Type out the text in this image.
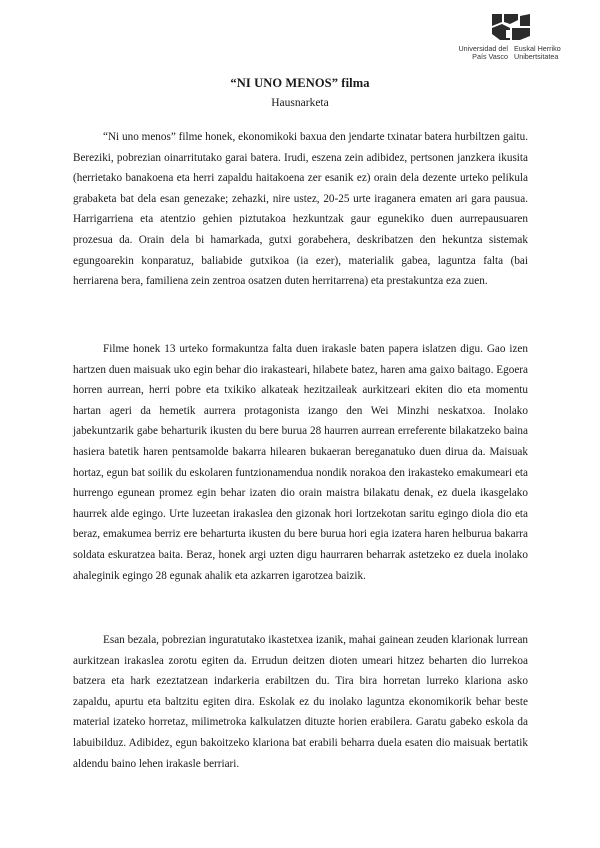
Universidad del País Vasco
Euskal Herriko Unibertsitatea
“NI UNO MENOS” filma
Hausnarketa

“Ni uno menos” filme honek, ekonomikoki baxua den jendarte txinatar batera hurbiltzen gaitu. Bereziki, pobrezian oinarritutako garai batera. Irudi, eszena zein adibidez, pertsonen janzkera ikusita (herrietako banakoena eta herri zapaldu haitakoena zer esanik ez) orain dela dezente urteko pelikula grabaketa bat dela esan genezake; zehazki, nire ustez, 20-25 urte iraganera ematen ari gara pausua. Harrigarriena eta atentzio gehien piztutakoa hezkuntzak gaur egunekiko duen aurrepausuaren prozesua da. Orain dela bi hamarkada, gutxi gorabehera, deskribatzen den hekuntza sistemak egungoarekin konparatuz, baliabide gutxikoa (ia ezer), materialik gabea, laguntza falta (bai herriarena bera, familiena zein zentroa osatzen duten herritarrena) eta prestakuntza eza zuen.

Filme honek 13 urteko formakuntza falta duen irakasle baten papera islatzen digu. Gao izen hartzen duen maisuak uko egin behar dio irakasteari, hilabete batez, haren ama gaixo baitago. Egoera horren aurrean, herri pobre eta txikiko alkateak hezitzaileak aurkitzeari ekiten dio eta momentu hartan ageri da hemetik aurrera protagonista izango den Wei Minzhi neskatxoa. Inolako jabekuntzarik gabe beharturik ikusten du bere burua 28 haurren aurrean erreferente bilakatzeko baina hasiera batetik haren pentsamolde bakarra hilearen bukaeran bereganatuko duen dirua da. Maisuak hortaz, egun bat soilik du eskolaren funtzionamendua nondik norakoa den irakasteko emakumeari eta hurrengo egunean promez egin behar izaten dio orain maistra bilakatu denak, ez duela ikasgelako haurrek alde egingo. Urte luzeetan irakaslea den gizonak hori lortzekotan saritu egingo diola dio eta beraz, emakumea berriz ere beharturta ikusten du bere burua hori egia izatera haren helburua bakarra soldata eskuratzea baita. Beraz, honek argi uzten digu haurraren beharrak astetzeko ez duela inolako ahaleginik egingo 28 egunak ahalik eta azkarren igarotzea baizik.

Esan bezala, pobrezian inguratutako ikastetxea izanik, mahai gainean zeuden klarionak lurrean aurkitzean irakaslea zorotu egiten da. Errudun deitzen dioten umeari hitzez beharten dio lurrekoa batzera eta hark ezeztatzean indarkeria erabiltzen du. Tira bira horretan lurreko klariona asko zapaldu, apurtu eta baltzitu egiten dira. Eskolak ez du inolako laguntza ekonomikorik behar beste material izateko horretaz, milimetroka kalkulatzen dituzte horien erabilera. Garatu gabeko eskola da labuibilduz. Adibidez, egun bakoitzeko klariona bat erabili beharra duela esaten dio maisuak bertatik aldendu baino lehen irakasle berriari.
